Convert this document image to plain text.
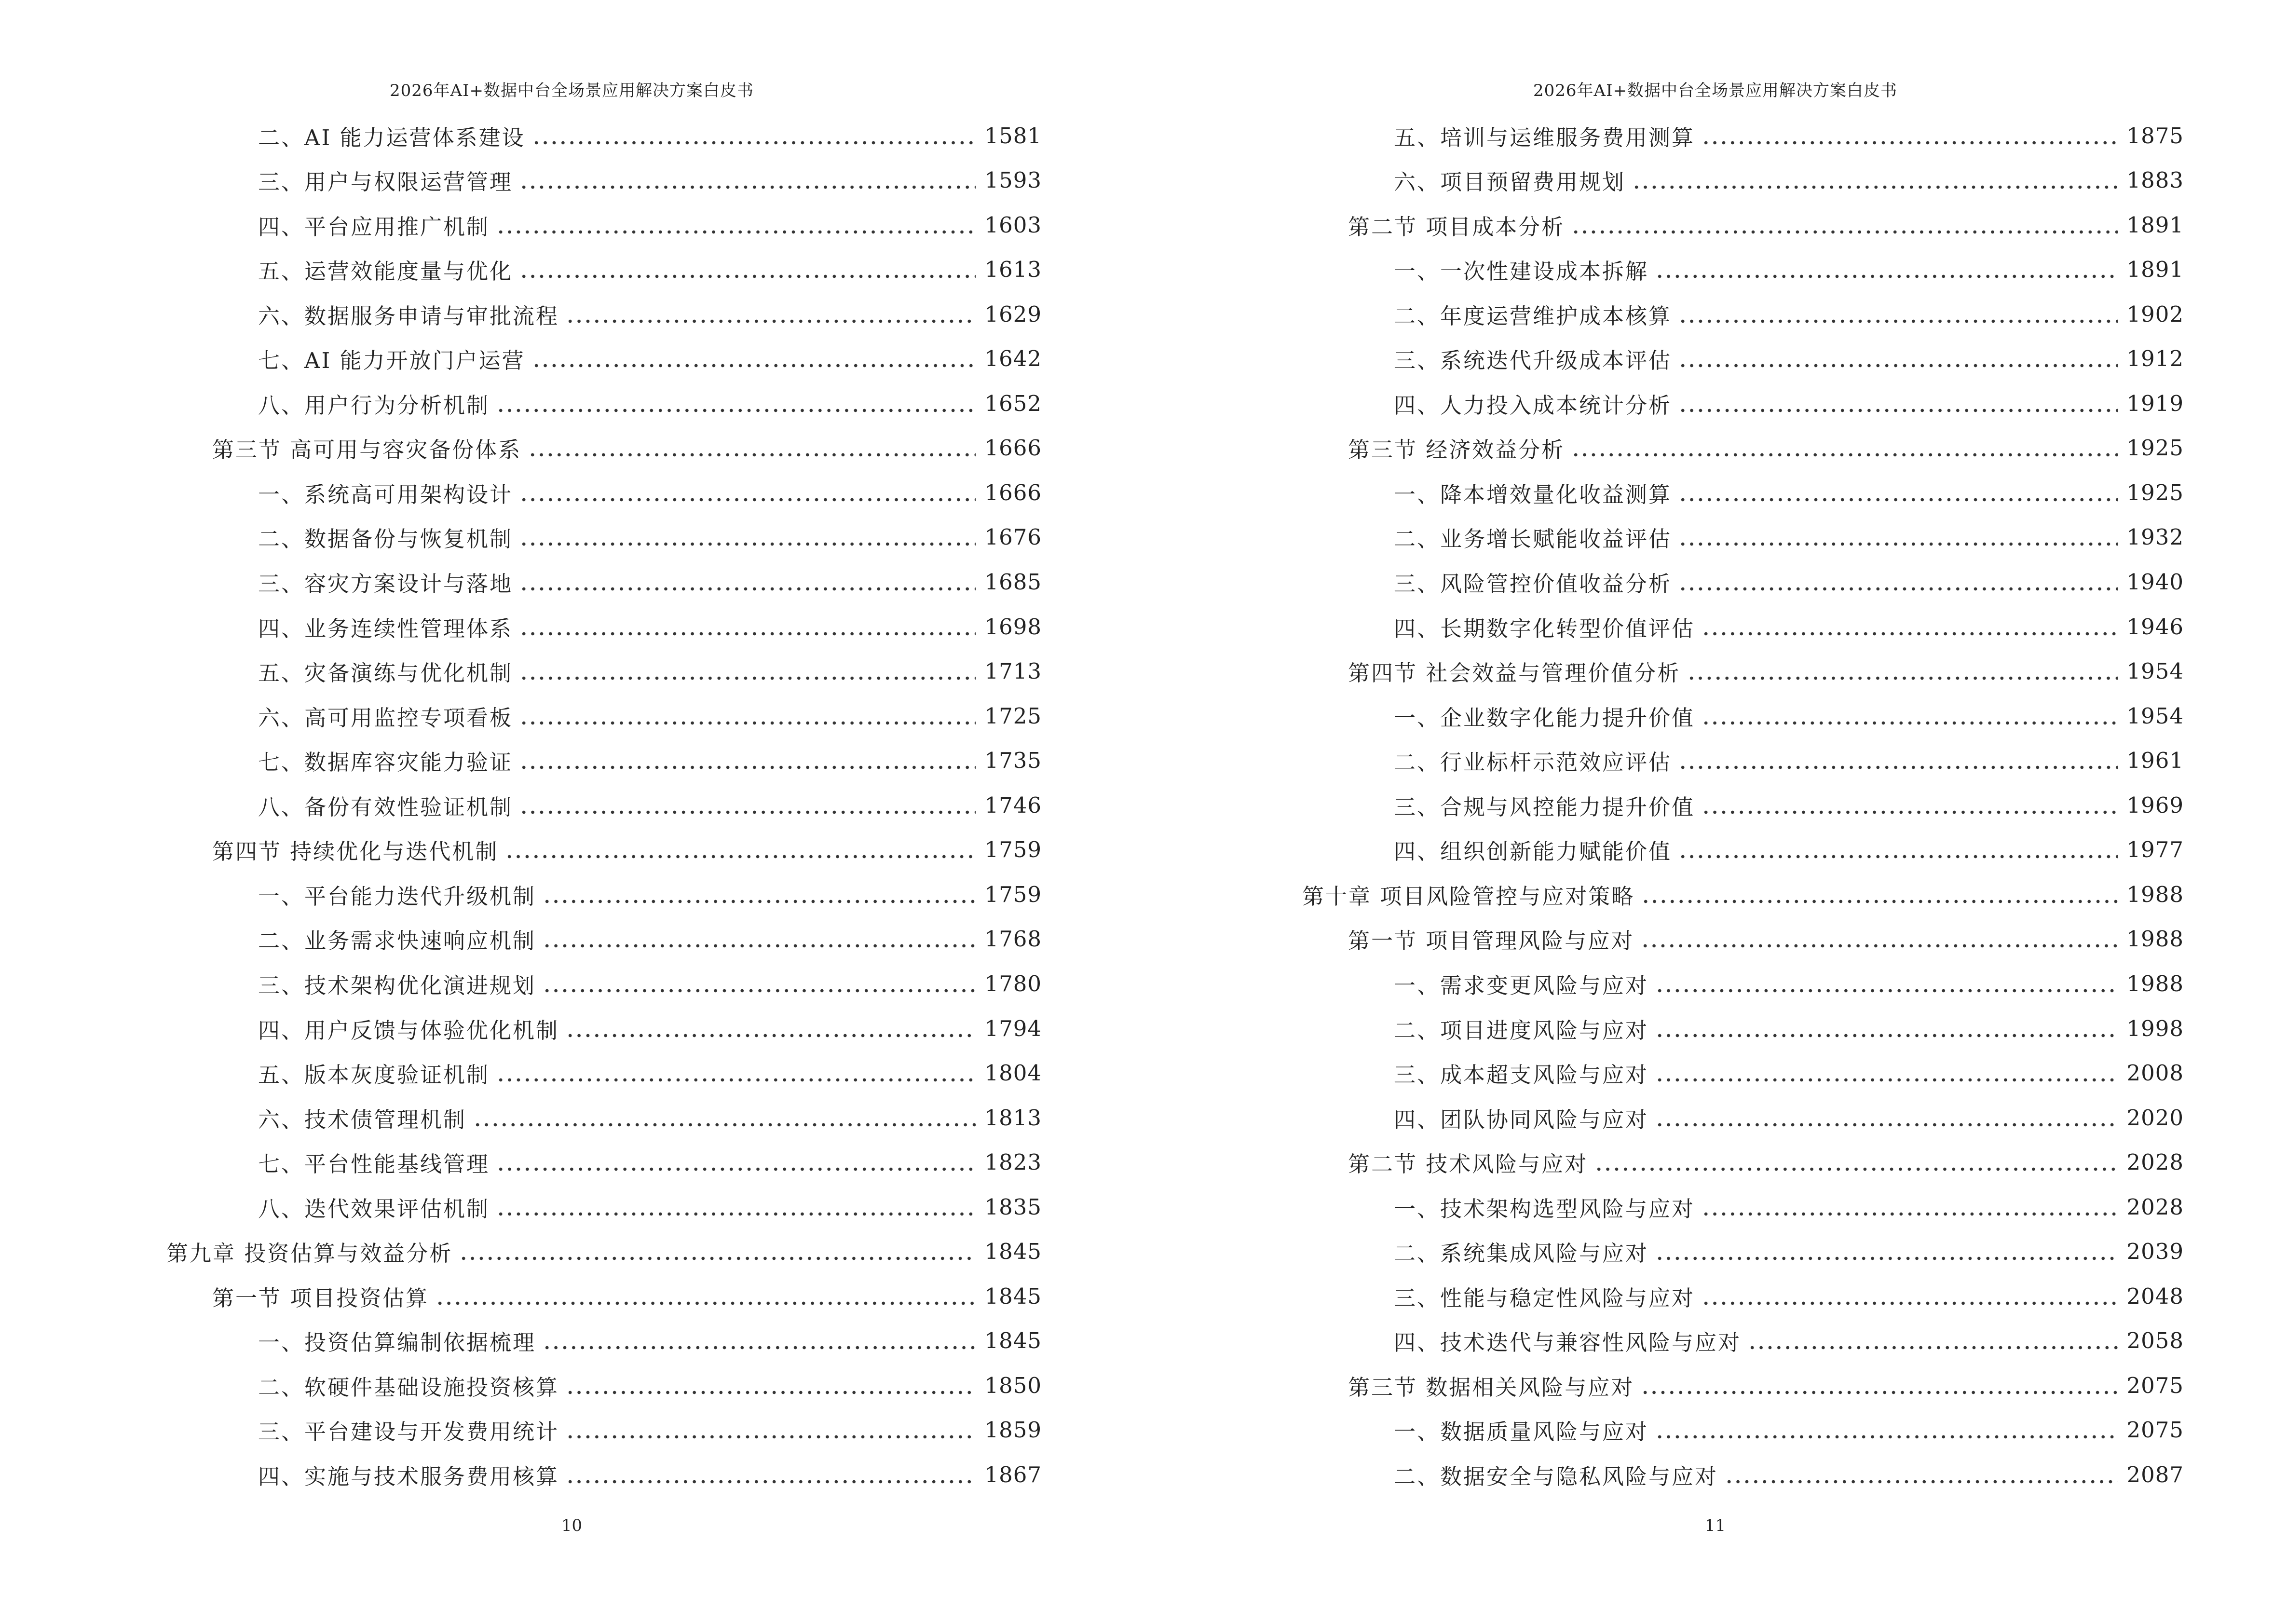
2026年AI+数据中台全场景应用解决方案白皮书
二、AI 能力运营体系建设	1581
三、用户与权限运营管理	1593
四、平台应用推广机制	1603
五、运营效能度量与优化	1613
六、数据服务申请与审批流程	1629
七、AI 能力开放门户运营	1642
八、用户行为分析机制	1652
第三节 高可用与容灾备份体系	1666
一、系统高可用架构设计	1666
二、数据备份与恢复机制	1676
三、容灾方案设计与落地	1685
四、业务连续性管理体系	1698
五、灾备演练与优化机制	1713
六、高可用监控专项看板	1725
七、数据库容灾能力验证	1735
八、备份有效性验证机制	1746
第四节 持续优化与迭代机制	1759
一、平台能力迭代升级机制	1759
二、业务需求快速响应机制	1768
三、技术架构优化演进规划	1780
四、用户反馈与体验优化机制	1794
五、版本灰度验证机制	1804
六、技术债管理机制	1813
七、平台性能基线管理	1823
八、迭代效果评估机制	1835
第九章 投资估算与效益分析	1845
第一节 项目投资估算	1845
一、投资估算编制依据梳理	1845
二、软硬件基础设施投资核算	1850
三、平台建设与开发费用统计	1859
四、实施与技术服务费用核算	1867
10
2026年AI+数据中台全场景应用解决方案白皮书
五、培训与运维服务费用测算	1875
六、项目预留费用规划	1883
第二节 项目成本分析	1891
一、一次性建设成本拆解	1891
二、年度运营维护成本核算	1902
三、系统迭代升级成本评估	1912
四、人力投入成本统计分析	1919
第三节 经济效益分析	1925
一、降本增效量化收益测算	1925
二、业务增长赋能收益评估	1932
三、风险管控价值收益分析	1940
四、长期数字化转型价值评估	1946
第四节 社会效益与管理价值分析	1954
一、企业数字化能力提升价值	1954
二、行业标杆示范效应评估	1961
三、合规与风控能力提升价值	1969
四、组织创新能力赋能价值	1977
第十章 项目风险管控与应对策略	1988
第一节 项目管理风险与应对	1988
一、需求变更风险与应对	1988
二、项目进度风险与应对	1998
三、成本超支风险与应对	2008
四、团队协同风险与应对	2020
第二节 技术风险与应对	2028
一、技术架构选型风险与应对	2028
二、系统集成风险与应对	2039
三、性能与稳定性风险与应对	2048
四、技术迭代与兼容性风险与应对	2058
第三节 数据相关风险与应对	2075
一、数据质量风险与应对	2075
二、数据安全与隐私风险与应对	2087
11
